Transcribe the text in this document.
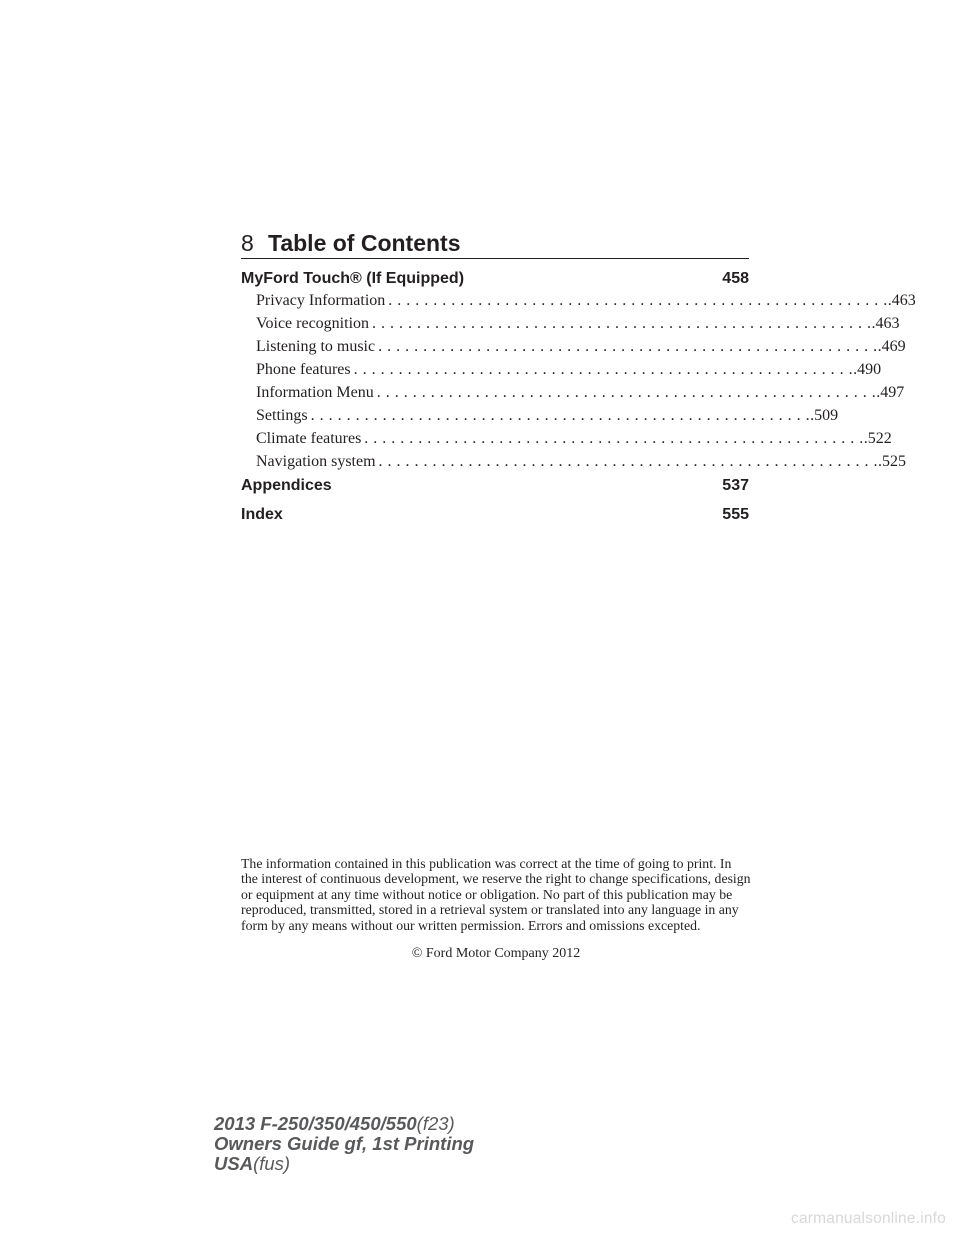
8 Table of Contents
MyFord Touch® (If Equipped)	458
Privacy Information . . . . . . . . . . . . . . . . . . . . . . . . . . . . . . . . . . . . . . . . . . . . . . . . . . . . . . . . .463
Voice recognition . . . . . . . . . . . . . . . . . . . . . . . . . . . . . . . . . . . . . . . . . . . . . . . . . . . . . . . . .463
Listening to music . . . . . . . . . . . . . . . . . . . . . . . . . . . . . . . . . . . . . . . . . . . . . . . . . . . . . . . . .469
Phone features . . . . . . . . . . . . . . . . . . . . . . . . . . . . . . . . . . . . . . . . . . . . . . . . . . . . . . . . .490
Information Menu . . . . . . . . . . . . . . . . . . . . . . . . . . . . . . . . . . . . . . . . . . . . . . . . . . . . . . . . .497
Settings . . . . . . . . . . . . . . . . . . . . . . . . . . . . . . . . . . . . . . . . . . . . . . . . . . . . . . . . .509
Climate features . . . . . . . . . . . . . . . . . . . . . . . . . . . . . . . . . . . . . . . . . . . . . . . . . . . . . . . . .522
Navigation system . . . . . . . . . . . . . . . . . . . . . . . . . . . . . . . . . . . . . . . . . . . . . . . . . . . . . . . . .525
Appendices	537
Index	555

The information contained in this publication was correct at the time of going to print. In the interest of continuous development, we reserve the right to change specifications, design or equipment at any time without notice or obligation. No part of this publication may be reproduced, transmitted, stored in a retrieval system or translated into any language in any form by any means without our written permission. Errors and omissions excepted.

© Ford Motor Company 2012
2013 F-250/350/450/550(f23)
Owners Guide gf, 1st Printing
USA(fus)
carmanualsonline.info
